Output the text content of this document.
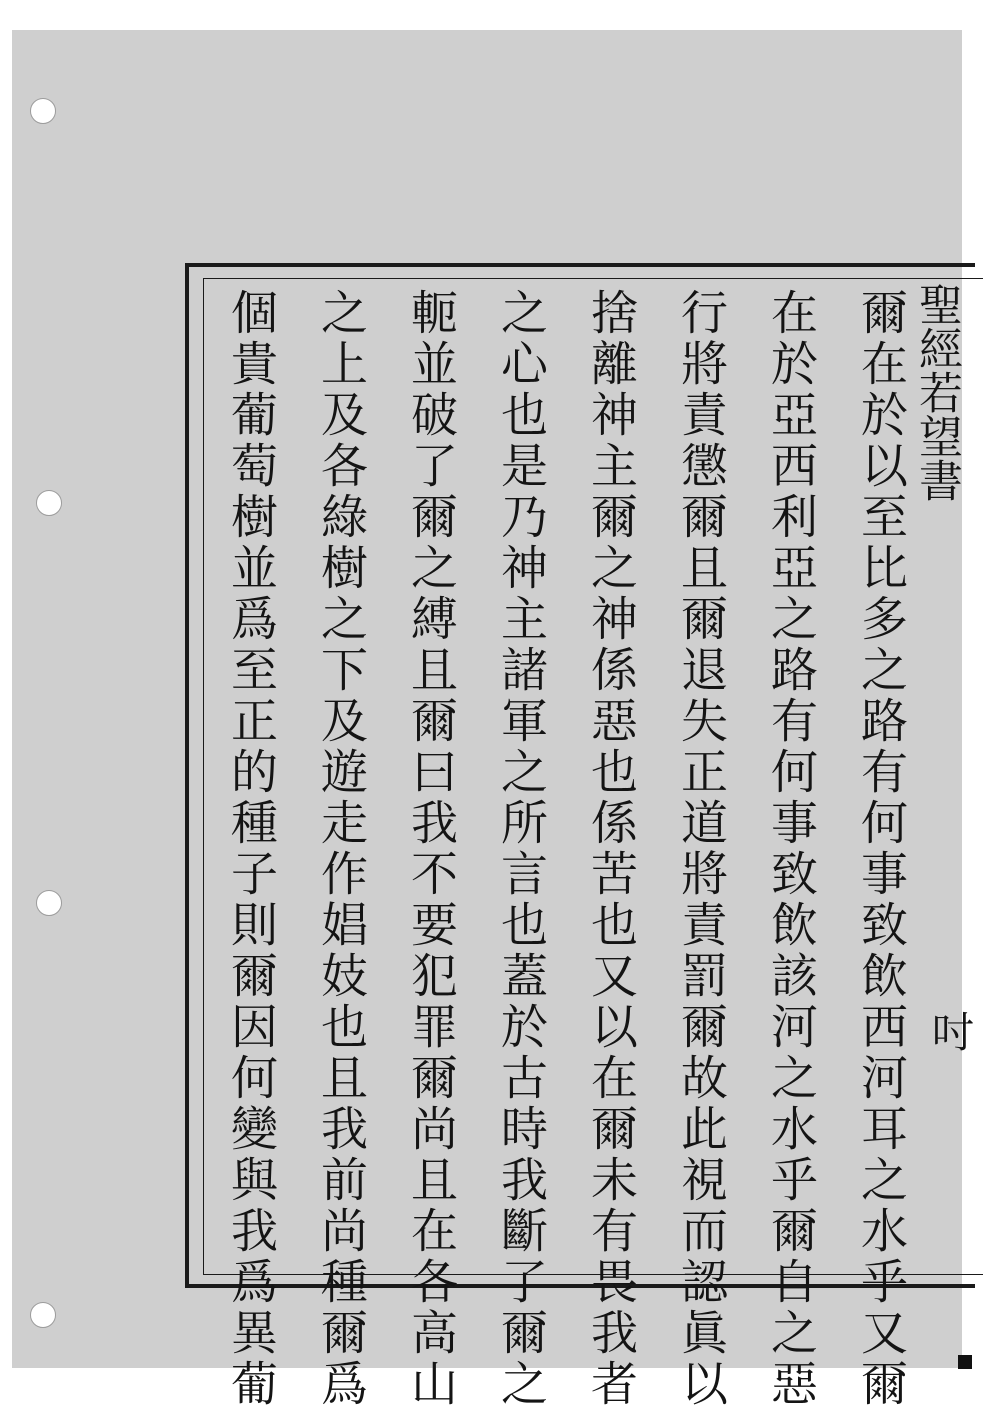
聖經若望書
吋
爾在於以至比多之路有何事致飲西河耳之水乎又爾
在於亞西利亞之路有何事致飲該河之水乎爾自之惡
行將責懲爾且爾退失正道將責罰爾故此視而認眞以
捨離神主爾之神係惡也係苦也又以在爾未有畏我者
之心也是乃神主諸軍之所言也蓋於古時我斷了爾之
軛並破了爾之縛且爾曰我不要犯罪爾尚且在各高山
之上及各綠樹之下及遊走作娼妓也且我前尚種爾爲
個貴葡萄樹並爲至正的種子則爾因何變與我爲異葡
